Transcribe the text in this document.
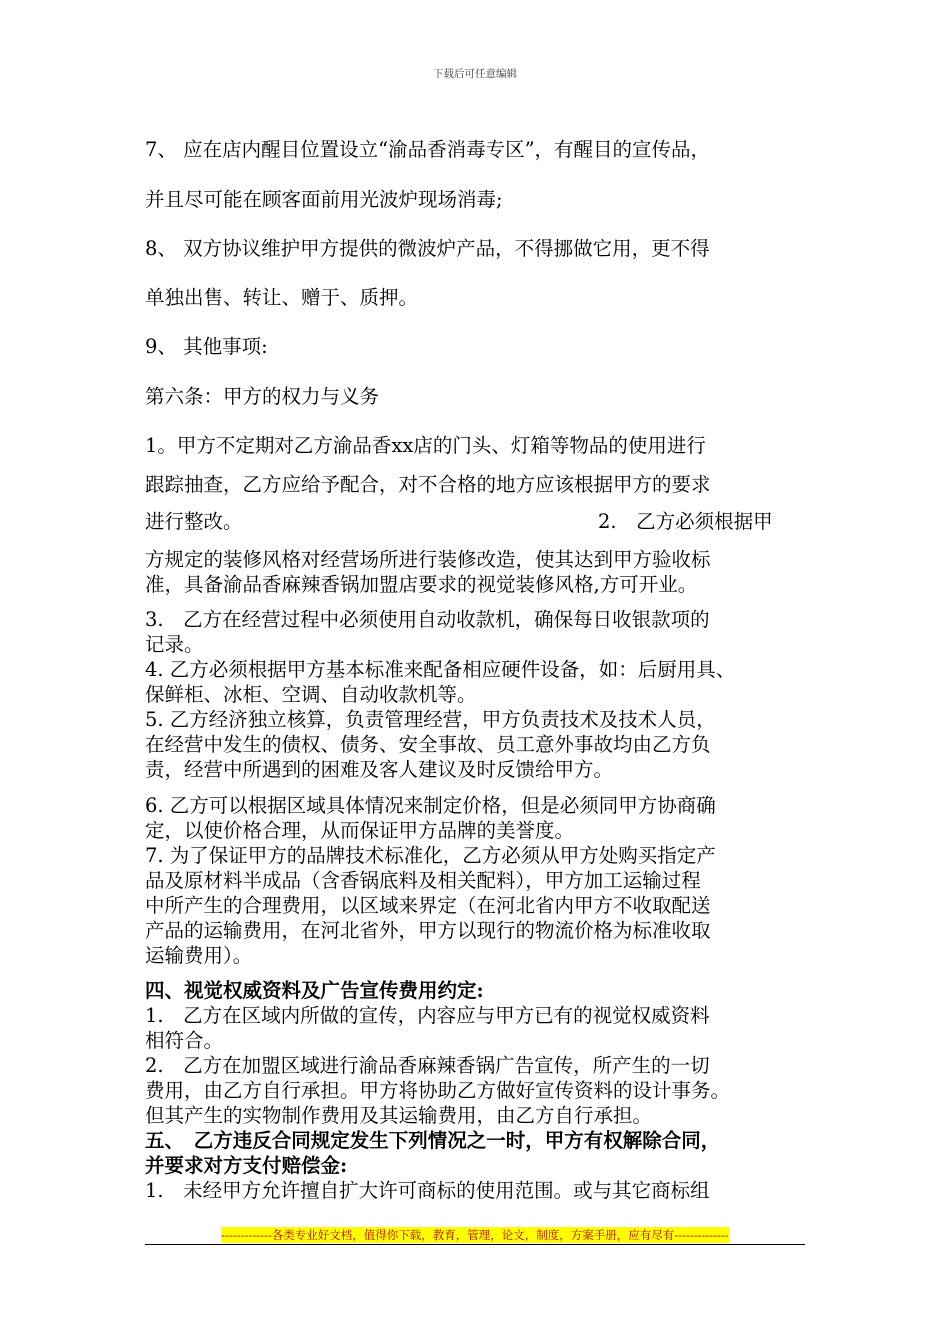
下载后可任意编辑
7、 应在店内醒目位置设立“渝品香消毒专区”，有醒目的宣传品，
并且尽可能在顾客面前用光波炉现场消毒;
8、 双方协议维护甲方提供的微波炉产品，不得挪做它用，更不得
单独出售、转让、赠于、质押。
9、 其他事项:
第六条：甲方的权力与义务
1。甲方不定期对乙方渝品香xx店的门头、灯箱等物品的使用进行
跟踪抽查，乙方应给予配合，对不合格的地方应该根据甲方的要求
进行整改。	2.　乙方必须根据甲
方规定的装修风格对经营场所进行装修改造，使其达到甲方验收标
准，具备渝品香麻辣香锅加盟店要求的视觉装修风格,方可开业。
3.　乙方在经营过程中必须使用自动收款机，确保每日收银款项的
记录。
4. 乙方必须根据甲方基本标准来配备相应硬件设备，如：后厨用具、
保鲜柜、冰柜、空调、自动收款机等。
5. 乙方经济独立核算，负责管理经营，甲方负责技术及技术人员，
在经营中发生的债权、债务、安全事故、员工意外事故均由乙方负
责，经营中所遇到的困难及客人建议及时反馈给甲方。
6. 乙方可以根据区域具体情况来制定价格，但是必须同甲方协商确
定，以使价格合理，从而保证甲方品牌的美誉度。
7. 为了保证甲方的品牌技术标准化，乙方必须从甲方处购买指定产
品及原材料半成品（含香锅底料及相关配料），甲方加工运输过程
中所产生的合理费用，以区域来界定（在河北省内甲方不收取配送
产品的运输费用，在河北省外，甲方以现行的物流价格为标准收取
运输费用）。
四、视觉权威资料及广告宣传费用约定:
1.　乙方在区域内所做的宣传，内容应与甲方已有的视觉权威资料
相符合。
2.　乙方在加盟区域进行渝品香麻辣香锅广告宣传，所产生的一切
费用，由乙方自行承担。甲方将协助乙方做好宣传资料的设计事务。
但其产生的实物制作费用及其运输费用，由乙方自行承担。
五、　乙方违反合同规定发生下列情况之一时，甲方有权解除合同，
并要求对方支付赔偿金:
1.　未经甲方允许擅自扩大许可商标的使用范围。或与其它商标组
-------------各类专业好文档，值得你下载，教育，管理，论文，制度，方案手册，应有尽有--------------
